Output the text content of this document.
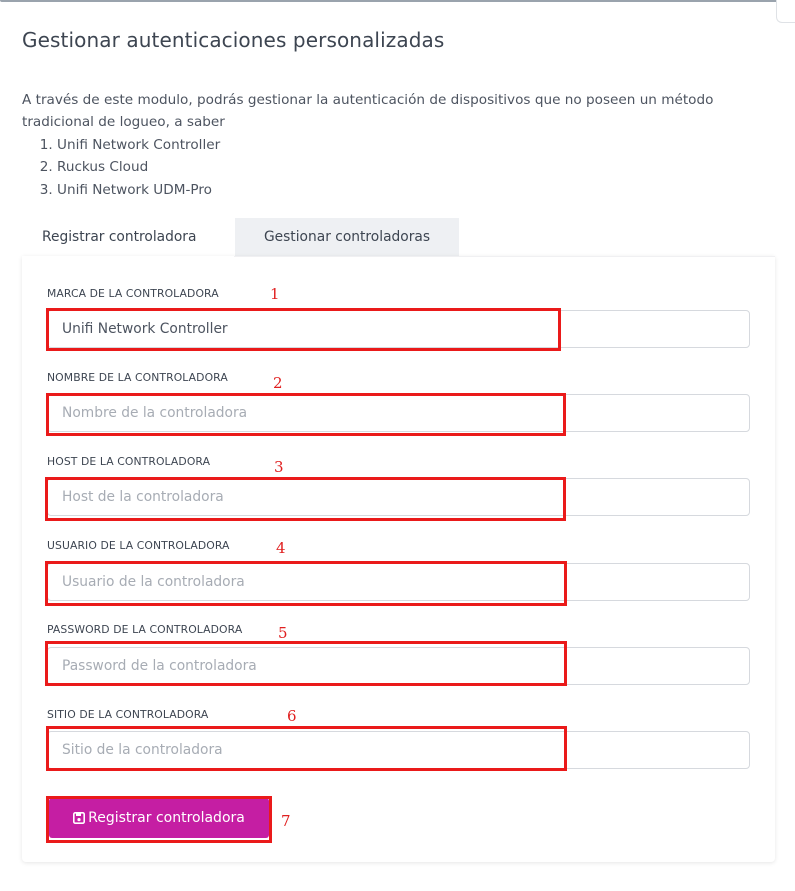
Gestionar autenticaciones personalizadas
A través de este modulo, podrás gestionar la autenticación de dispositivos que no poseen un método tradicional de logueo, a saber
1. Unifi Network Controller
2. Ruckus Cloud
3. Unifi Network UDM-Pro
Registrar controladora	Gestionar controladoras
MARCA DE LA CONTROLADORA
Unifi Network Controller
NOMBRE DE LA CONTROLADORA
Nombre de la controladora
HOST DE LA CONTROLADORA
Host de la controladora
USUARIO DE LA CONTROLADORA
Usuario de la controladora
PASSWORD DE LA CONTROLADORA
SITIO DE LA CONTROLADORA
Sitio de la controladora
Registrar controladora
1
2
3
4
5
6
7
